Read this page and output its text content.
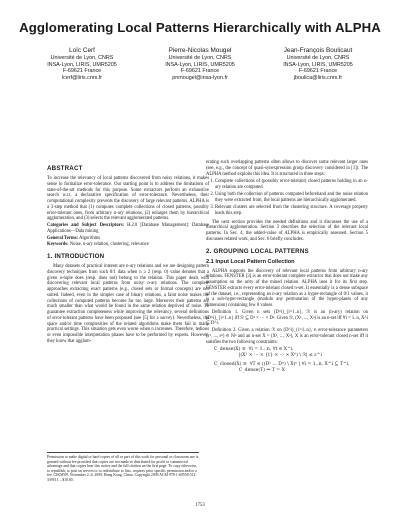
Agglomerating Local Patterns Hierarchically with ALPHA
Loïc Cerf
Université de Lyon, CNRS
INSA-Lyon, LIRIS, UMR5205
F-69621 France
lcerf@liris.cnrs.fr
Pierre-Nicolas Mougel
Université de Lyon, CNRS
INSA-Lyon, LIRIS, UMR5205
F-69621 France
pnmougel@insa-lyon.fr
Jean-François Boulicaut
Université de Lyon, CNRS
INSA-Lyon, LIRIS, UMR5205
F-69621 France
jboulica@liris.cnrs.fr
ABSTRACT

To increase the relevancy of local patterns discovered from noisy relations, it makes sense to formalize error-tolerance. Our starting point is to address the limitations of state-of-the-art methods for this purpose. Some extractors perform an exhaustive search w.r.t. a declarative specification of error-tolerance. Nevertheless, their computational complexity prevents the discovery of large relevant patterns. ALPHA is a 3-step method that (1) computes complete collections of closed patterns, possibly error-tolerant ones, from arbitrary n-ary relations, (2) enlarges them by hierarchical agglomeration, and (3) selects the relevant agglomerated patterns.

Categories and Subject Descriptors: H.2.8 [Database Management]: Database Applications—Data mining

General Terms: Algorithms

Keywords: Noise, n-ary relation, clustering, relevance

1. INTRODUCTION

Many datasets of practical interest are n-ary relations and we are designing pattern discovery techniques from such 0/1 data when n ≥ 2 (resp. 0) value denotes that a given n-tuple does (resp. does not) belong to the relation. This paper deals with discovering relevant local patterns from noisy n-ary relations. The complete approaches extracting exact patterns (e.g., closed sets or formal concepts) are not suited. Indeed, even in the simpler case of binary relations, a faint noise makes the collections of computed patterns become far too large. Moreover their patterns are much smaller than what would be found in the same relation deprived of noise. To guarantee extraction completeness while improving the relevancy, several definitions of error-tolerant patterns have been proposed (see [5] for a survey). Nevertheless, the space and/or time complexities of the related algorithms make them fail in many practical settings. This situation gets even worse when n increases. Therefore, tedious or even impossible interpretation phases have to be performed by experts. However, they know that agglom-

Permission to make digital or hard copies of all or part of this work for personal or classroom use is granted without fee provided that copies are not made or distributed for profit or commercial advantage and that copies bear this notice and the full citation on the first page. To copy otherwise, to republish, to post on servers or to redistribute to lists, requires prior specific permission and/or a fee. CIKM'09, November 2–6, 2009, Hong Kong, China. Copyright 2009 ACM 978-1-60558-512-3/09/11 ...$10.00.

erating such overlapping patterns often allows to discover some relevant larger ones (see, e.g., the concept of quasi-synexpression group discovery considered in [1]). The ALPHA method exploits this idea. It is structured in three steps:

1. Complete collections of (possibly error-tolerant) closed patterns holding in an n-ary relation are computed.
2. Using both the collection of patterns computed beforehand and the noise relation they were extracted from, the local patterns are hierarchically agglomerated.
3. Relevant clusters are selected from the clustering structure. A coverage property leads this step.

The next section provides the needed definitions and it discusses the use of a hierarchical agglomeration. Section 3 describes the selection of the relevant local patterns. In Sec. 4, the added-value of ALPHA is empirically assessed. Section 5 discusses related work, and Sec. 6 briefly concludes.

2. GROUPING LOCAL PATTERNS
2.1 Input Local Pattern Collection

ALPHA supports the discovery of relevant local patterns from arbitrary n-ary relations. FENSTER [3] is an error-tolerant complete extractor that does not make any assumption on the arity of the mined relation. ALPHA uses it for its first step. FENSTER extracts every error-tolerant closed n-set. It essentially is a dense subspace of the dataset, i.e., representing an n-ary relation as a hyper-rectangle of 0/1 values, it is a sub-hyper-rectangle (modulo any permutation of the hyper-planes of any dimension) containing few 0 values.

Definition 1. Given n sets (D^i)_{i=1..n}, ℛ is an (n-ary) relation on (D^i)_{i=1..n} iff ℛ ⊆ D¹ × ··· × Dⁿ. Given ℛ, (X¹, ..., Xⁿ) is an n-set iff ∀i = 1..n, X^i ⊆ D^i.

Definition 2. Given a relation ℛ on (D^i)_{i=1..n}, n error-tolerance parameters (ε¹, ..., εⁿ) ∈ ℕⁿ and an n-set X = (X¹, ..., Xⁿ), X is an error-tolerant closed n-set iff it satisfies the two following constraints:

C_dense(X) ≡  ∀i = 1...n, ∀t ∈ X^i,
|(X¹ × ··· × {t} × ··· × Xⁿ) \ ℛ| ≤ ε^i
C_closed(X) ≡  ∀T ∈ ((D¹ ... Dⁿ) \ X)ⁿ | ∀i = 1..n, X^i ⊆ T^i,
C_dense(T) ⇒ T = X
1753
